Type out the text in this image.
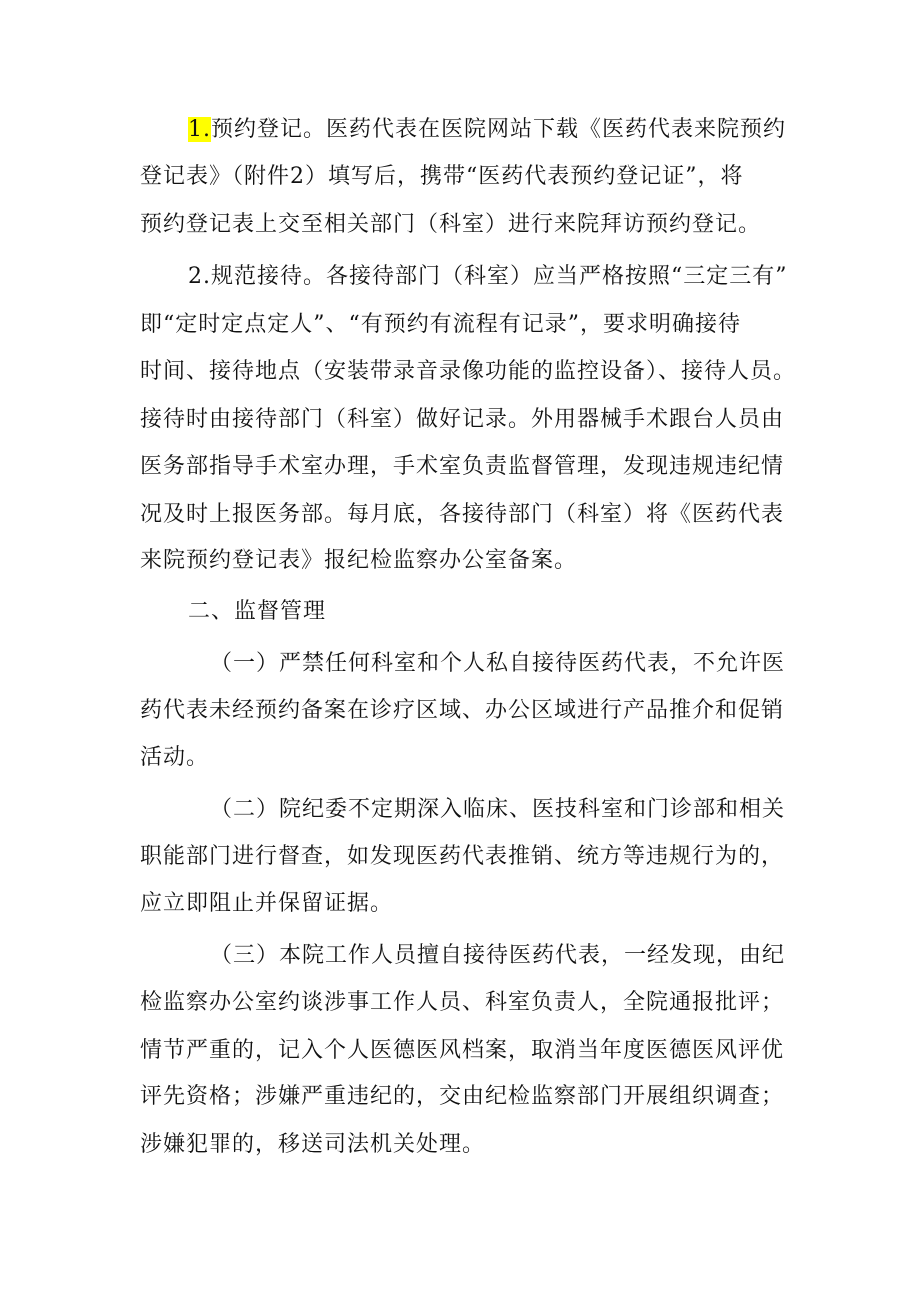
1.预约登记。医药代表在医院网站下载《医药代表来院预约
登记表》（附件2）填写后，携带“医药代表预约登记证”，将
预约登记表上交至相关部门（科室）进行来院拜访预约登记。
2.规范接待。各接待部门（科室）应当严格按照“三定三有”
即“定时定点定人”、“有预约有流程有记录”，要求明确接待
时间、接待地点（安装带录音录像功能的监控设备）、接待人员。
接待时由接待部门（科室）做好记录。外用器械手术跟台人员由
医务部指导手术室办理，手术室负责监督管理，发现违规违纪情
况及时上报医务部。每月底，各接待部门（科室）将《医药代表
来院预约登记表》报纪检监察办公室备案。
二、监督管理
（一）严禁任何科室和个人私自接待医药代表，不允许医
药代表未经预约备案在诊疗区域、办公区域进行产品推介和促销
活动。
（二）院纪委不定期深入临床、医技科室和门诊部和相关
职能部门进行督查，如发现医药代表推销、统方等违规行为的，
应立即阻止并保留证据。
（三）本院工作人员擅自接待医药代表，一经发现，由纪
检监察办公室约谈涉事工作人员、科室负责人，全院通报批评；
情节严重的，记入个人医德医风档案，取消当年度医德医风评优
评先资格；涉嫌严重违纪的，交由纪检监察部门开展组织调查；
涉嫌犯罪的，移送司法机关处理。
